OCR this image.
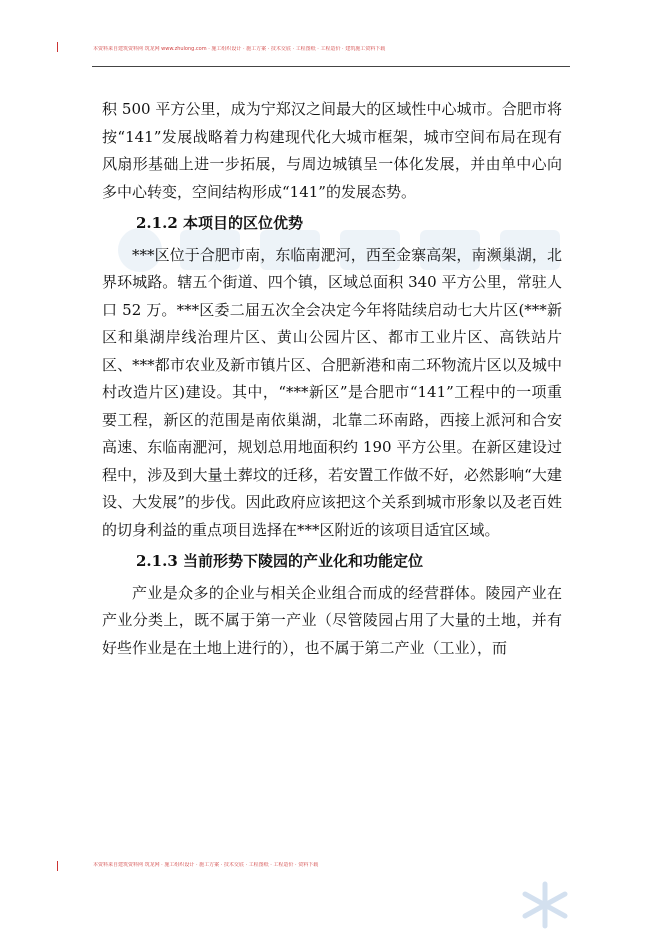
本资料来自建筑资料网 筑龙网 www.zhulong.com · 施工组织设计 · 施工方案 · 技术交底 · 工程图纸 · 工程造价 · 建筑施工资料下载

积 500 平方公里，成为宁郑汉之间最大的区域性中心城市。合肥市将按“141”发展战略着力构建现代化大城市框架，城市空间布局在现有风扇形基础上进一步拓展，与周边城镇呈一体化发展，并由单中心向多中心转变，空间结构形成“141”的发展态势。

2.1.2 本项目的区位优势

***区位于合肥市南，东临南淝河，西至金寨高架，南濒巢湖，北界环城路。辖五个街道、四个镇，区域总面积 340 平方公里，常驻人口 52 万。***区委二届五次全会决定今年将陆续启动七大片区(***新区和巢湖岸线治理片区、黄山公园片区、都市工业片区、高铁站片区、***都市农业及新市镇片区、合肥新港和南二环物流片区以及城中村改造片区)建设。其中，“***新区”是合肥市“141”工程中的一项重要工程，新区的范围是南依巢湖，北靠二环南路，西接上派河和合安高速、东临南淝河，规划总用地面积约 190 平方公里。在新区建设过程中，涉及到大量土葬坟的迁移，若安置工作做不好，必然影响“大建设、大发展”的步伐。因此政府应该把这个关系到城市形象以及老百姓的切身利益的重点项目选择在***区附近的该项目适宜区域。

2.1.3 当前形势下陵园的产业化和功能定位

产业是众多的企业与相关企业组合而成的经营群体。陵园产业在产业分类上，既不属于第一产业（尽管陵园占用了大量的土地，并有好些作业是在土地上进行的），也不属于第二产业（工业），而

本资料来自建筑资料网 筑龙网 · 施工组织设计 · 施工方案 · 技术交底 · 工程图纸 · 工程造价 · 资料下载
